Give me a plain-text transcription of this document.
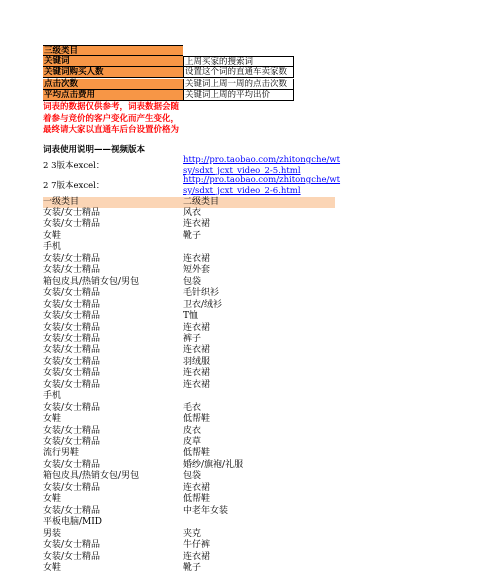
三级类目
关键词	上周买家的搜索词
关键词购买人数	设置这个词的直通车卖家数
点击次数	关键词上周一周的点击次数
平均点击费用	关键词上周的平均出价
词表的数据仅供参考，词表数据会随
着参与竞价的客户变化而产生变化，
最终请大家以直通车后台设置价格为
词表使用说明——视频版本
2 3版本excel：
http://pro.taobao.com/zhitongche/wt
sy/sdxt_jcxt_video_2-5.html
2 7版本excel：
http://pro.taobao.com/zhitongche/wt
sy/sdxt_jcxt_video_2-6.html
一级类目	二级类目
女装/女士精品	风衣
女装/女士精品	连衣裙
女鞋	靴子
手机
女装/女士精品	连衣裙
女装/女士精品	短外套
箱包皮具/热销女包/男包	包袋
女装/女士精品	毛针织衫
女装/女士精品	卫衣/绒衫
女装/女士精品	T恤
女装/女士精品	连衣裙
女装/女士精品	裤子
女装/女士精品	连衣裙
女装/女士精品	羽绒服
女装/女士精品	连衣裙
女装/女士精品	连衣裙
手机
女装/女士精品	毛衣
女鞋	低帮鞋
女装/女士精品	皮衣
女装/女士精品	皮草
流行男鞋	低帮鞋
女装/女士精品	婚纱/旗袍/礼服
箱包皮具/热销女包/男包	包袋
女装/女士精品	连衣裙
女鞋	低帮鞋
女装/女士精品	中老年女装
平板电脑/MID
男装	夹克
女装/女士精品	牛仔裤
女装/女士精品	连衣裙
女鞋	靴子
